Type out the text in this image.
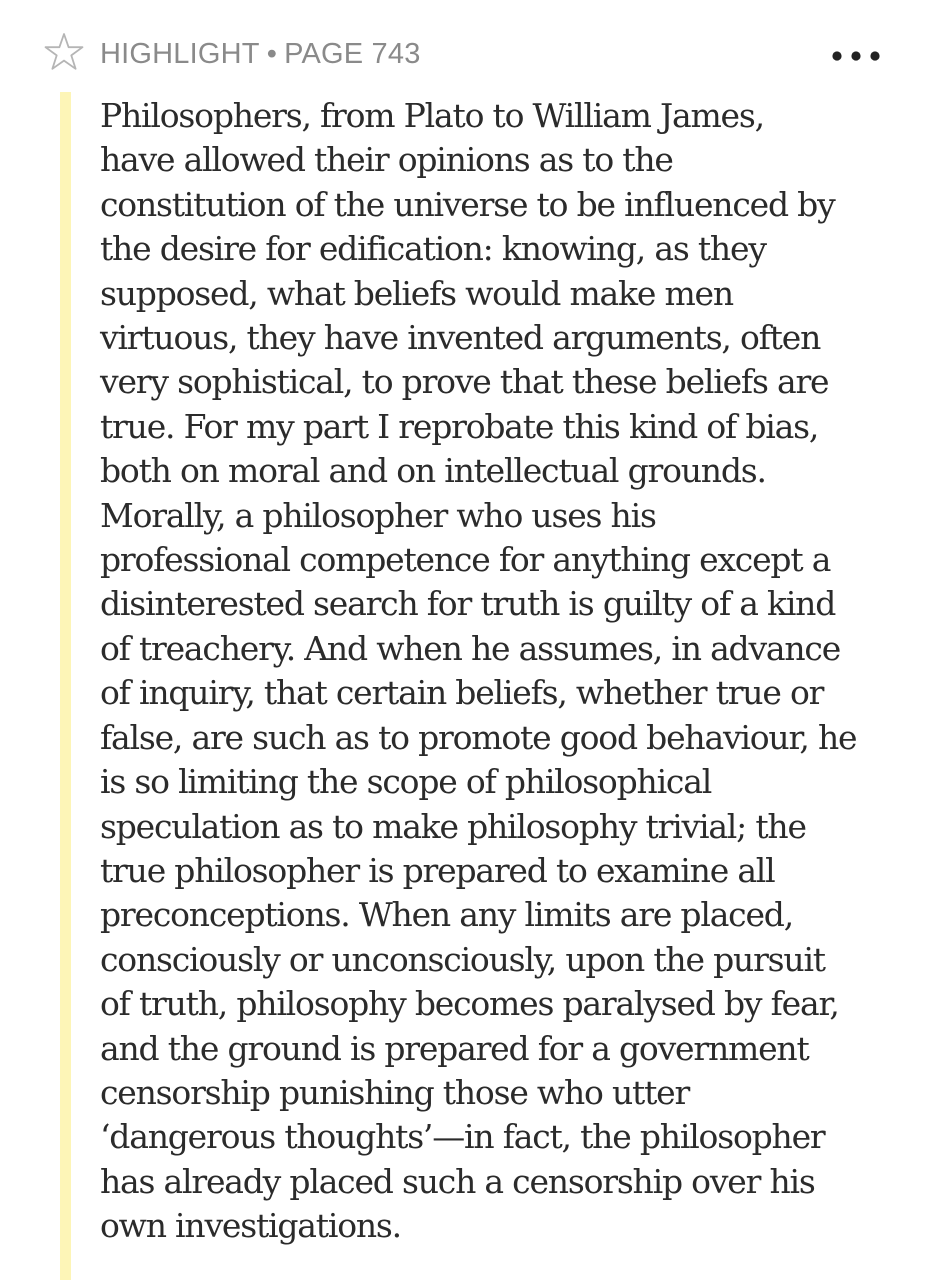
HIGHLIGHT • PAGE 743
Philosophers, from Plato to William James,
have allowed their opinions as to the
constitution of the universe to be influenced by
the desire for edification: knowing, as they
supposed, what beliefs would make men
virtuous, they have invented arguments, often
very sophistical, to prove that these beliefs are
true. For my part I reprobate this kind of bias,
both on moral and on intellectual grounds.
Morally, a philosopher who uses his
professional competence for anything except a
disinterested search for truth is guilty of a kind
of treachery. And when he assumes, in advance
of inquiry, that certain beliefs, whether true or
false, are such as to promote good behaviour, he
is so limiting the scope of philosophical
speculation as to make philosophy trivial; the
true philosopher is prepared to examine all
preconceptions. When any limits are placed,
consciously or unconsciously, upon the pursuit
of truth, philosophy becomes paralysed by fear,
and the ground is prepared for a government
censorship punishing those who utter
‘dangerous thoughts’—in fact, the philosopher
has already placed such a censorship over his
own investigations.
